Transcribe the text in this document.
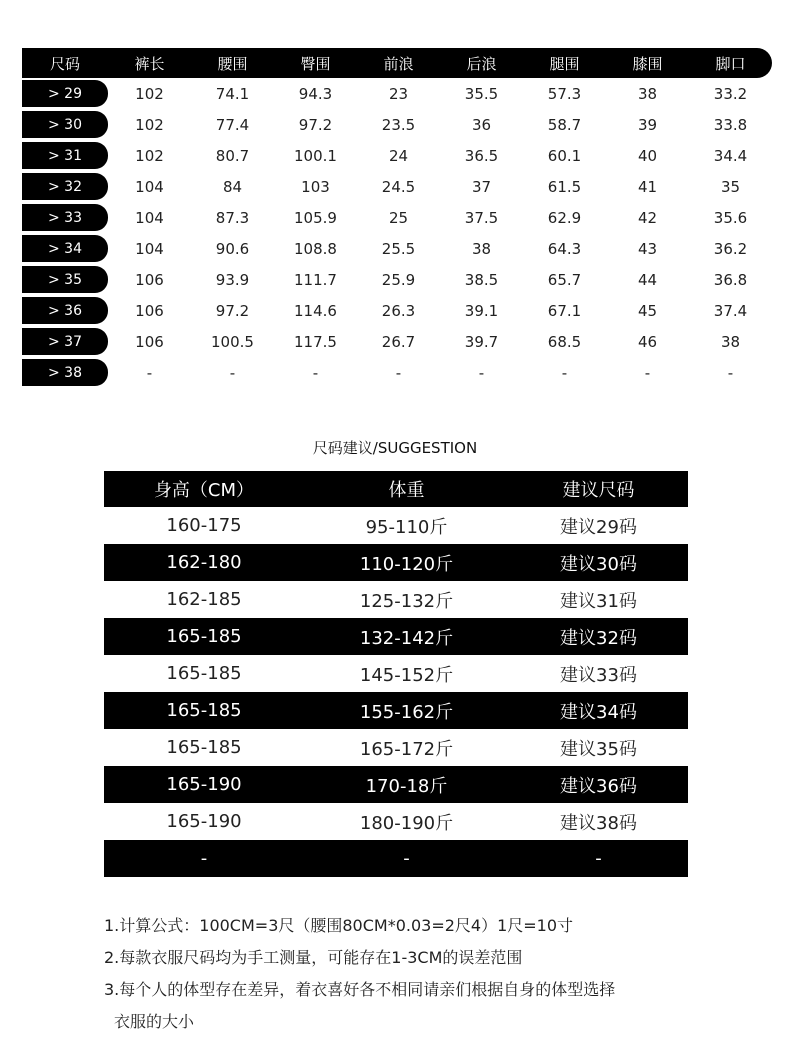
尺码	裤长	腰围	臀围	前浪	后浪	腿围	膝围	脚口
> 29	102	74.1	94.3	23	35.5	57.3	38	33.2
> 30	102	77.4	97.2	23.5	36	58.7	39	33.8
> 31	102	80.7	100.1	24	36.5	60.1	40	34.4
> 32	104	84	103	24.5	37	61.5	41	35
> 33	104	87.3	105.9	25	37.5	62.9	42	35.6
> 34	104	90.6	108.8	25.5	38	64.3	43	36.2
> 35	106	93.9	111.7	25.9	38.5	65.7	44	36.8
> 36	106	97.2	114.6	26.3	39.1	67.1	45	37.4
> 37	106	100.5	117.5	26.7	39.7	68.5	46	38
> 38	-	-	-	-	-	-	-	-
尺码建议/SUGGESTION
身高（CM）	体重	建议尺码
160-175	95-110斤	建议29码
162-180	110-120斤	建议30码
162-185	125-132斤	建议31码
165-185	132-142斤	建议32码
165-185	145-152斤	建议33码
165-185	155-162斤	建议34码
165-185	165-172斤	建议35码
165-190	170-18斤	建议36码
165-190	180-190斤	建议38码
-	-	-

1.计算公式：100CM=3尺（腰围80CM*0.03=2尺4）1尺=10寸

2.每款衣服尺码均为手工测量，可能存在1-3CM的误差范围

3.每个人的体型存在差异，着衣喜好各不相同请亲们根据自身的体型选择

衣服的大小
